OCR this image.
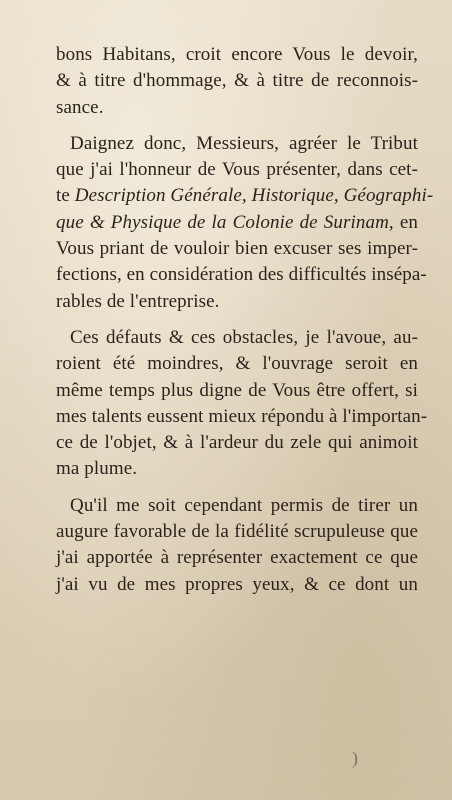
bons Habitans, croit encore Vous le devoir,
& à titre d'hommage, & à titre de reconnois-
sance.

Daignez donc, Messieurs, agréer le Tribut
que j'ai l'honneur de Vous présenter, dans cet-
te Description Générale, Historique, Géographi-
que & Physique de la Colonie de Surinam, en
Vous priant de vouloir bien excuser ses imper-
fections, en considération des difficultés insépa-
rables de l'entreprise.

Ces défauts & ces obstacles, je l'avoue, au-
roient été moindres, & l'ouvrage seroit en
même temps plus digne de Vous être offert, si
mes talents eussent mieux répondu à l'importan-
ce de l'objet, & à l'ardeur du zele qui animoit
ma plume.

Qu'il me soit cependant permis de tirer un
augure favorable de la fidélité scrupuleuse que
j'ai apportée à représenter exactement ce que
j'ai vu de mes propres yeux, & ce dont un

)
